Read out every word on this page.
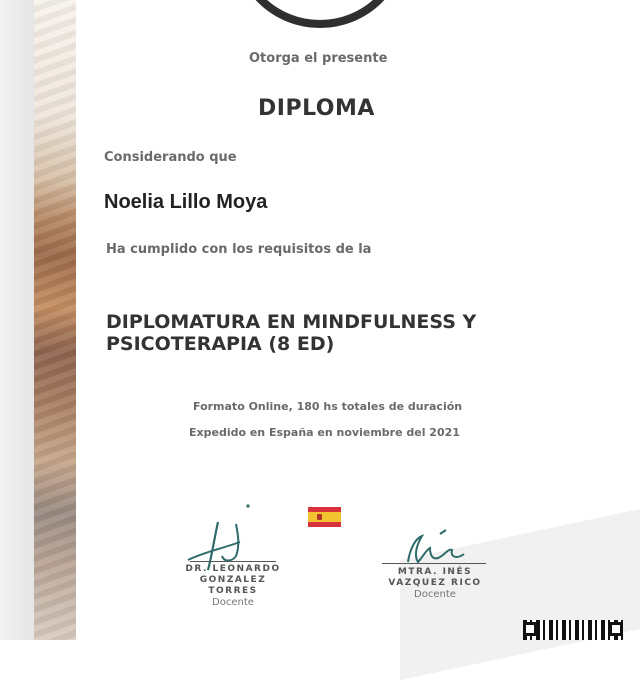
Otorga el presente
DIPLOMA
Considerando que
Noelia Lillo Moya
Ha cumplido con los requisitos de la
DIPLOMATURA EN MINDFULNESS Y
PSICOTERAPIA (8 ED)
Formato Online, 180 hs totales de duración
Expedido en España en noviembre del 2021
DR. LEONARDO
GONZALEZ
TORRES
Docente
MTRA. INÉS
VAZQUEZ RICO
Docente
